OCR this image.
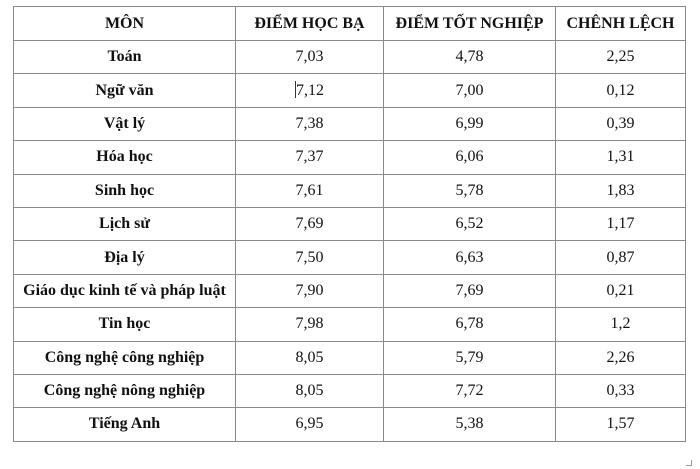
MÔN	ĐIỂM HỌC BẠ	ĐIỂM TỐT NGHIỆP	CHÊNH LỆCH
Toán	7,03	4,78	2,25
Ngữ văn	7,12	7,00	0,12
Vật lý	7,38	6,99	0,39
Hóa học	7,37	6,06	1,31
Sinh học	7,61	5,78	1,83
Lịch sử	7,69	6,52	1,17
Địa lý	7,50	6,63	0,87
Giáo dục kinh tế và pháp luật	7,90	7,69	0,21
Tin học	7,98	6,78	1,2
Công nghệ công nghiệp	8,05	5,79	2,26
Công nghệ nông nghiệp	8,05	7,72	0,33
Tiếng Anh	6,95	5,38	1,57
